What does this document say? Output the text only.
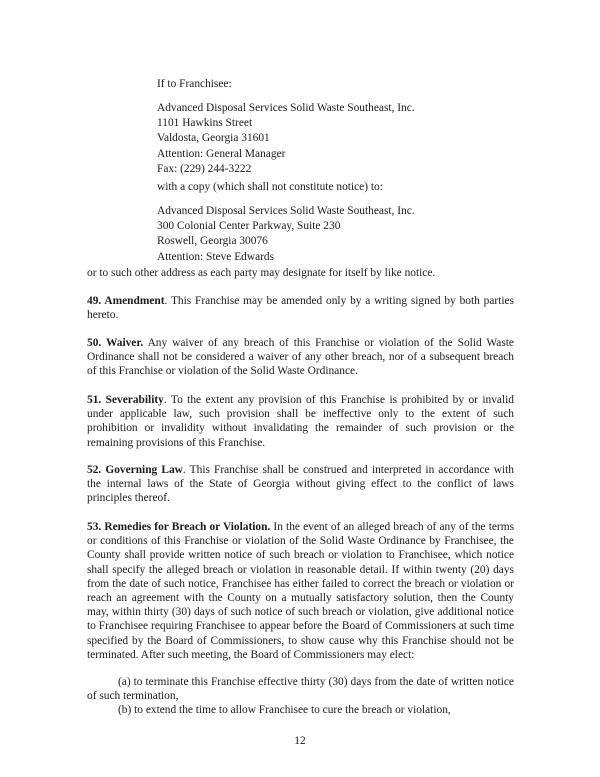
If to Franchisee:
Advanced Disposal Services Solid Waste Southeast, Inc.
1101 Hawkins Street
Valdosta, Georgia 31601
Attention: General Manager
Fax: (229) 244-3222
with a copy (which shall not constitute notice) to:
Advanced Disposal Services Solid Waste Southeast, Inc.
300 Colonial Center Parkway, Suite 230
Roswell, Georgia 30076
Attention: Steve Edwards
or to such other address as each party may designate for itself by like notice.
49. Amendment. This Franchise may be amended only by a writing signed by both parties hereto.
50. Waiver. Any waiver of any breach of this Franchise or violation of the Solid Waste Ordinance shall not be considered a waiver of any other breach, nor of a subsequent breach of this Franchise or violation of the Solid Waste Ordinance.
51. Severability. To the extent any provision of this Franchise is prohibited by or invalid under applicable law, such provision shall be ineffective only to the extent of such prohibition or invalidity without invalidating the remainder of such provision or the remaining provisions of this Franchise.
52. Governing Law. This Franchise shall be construed and interpreted in accordance with the internal laws of the State of Georgia without giving effect to the conflict of laws principles thereof.
53. Remedies for Breach or Violation. In the event of an alleged breach of any of the terms or conditions of this Franchise or violation of the Solid Waste Ordinance by Franchisee, the County shall provide written notice of such breach or violation to Franchisee, which notice shall specify the alleged breach or violation in reasonable detail. If within twenty (20) days from the date of such notice, Franchisee has either failed to correct the breach or violation or reach an agreement with the County on a mutually satisfactory solution, then the County may, within thirty (30) days of such notice of such breach or violation, give additional notice to Franchisee requiring Franchisee to appear before the Board of Commissioners at such time specified by the Board of Commissioners, to show cause why this Franchise should not be terminated. After such meeting, the Board of Commissioners may elect:
(a) to terminate this Franchise effective thirty (30) days from the date of written notice of such termination,
(b) to extend the time to allow Franchisee to cure the breach or violation,
12
